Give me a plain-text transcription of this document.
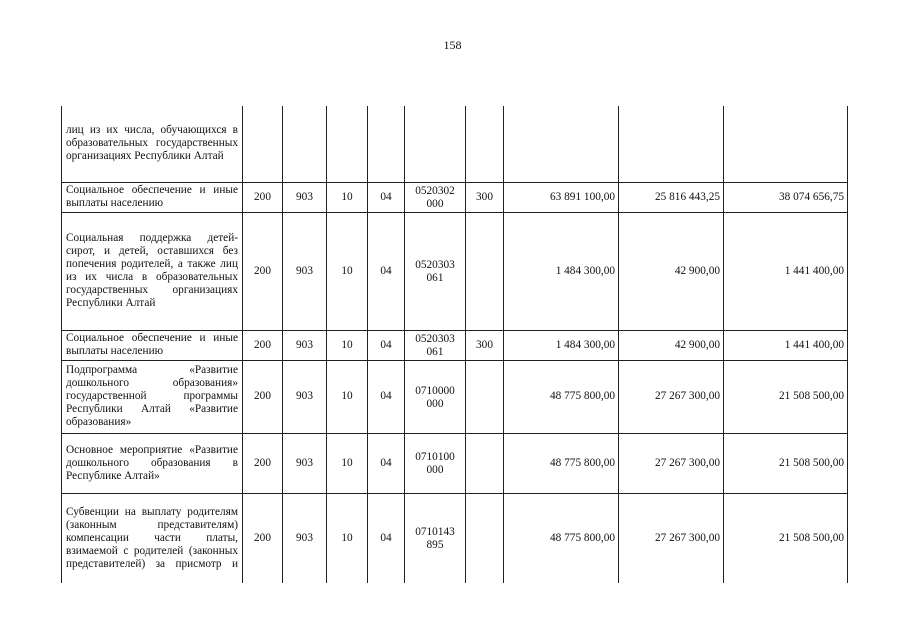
158
лиц из их числа, обучающихся в образовательных государственных организациях Республики Алтай									
Социальное обеспечение и иные выплаты населению	200	903	10	04	0520302 000	300	63 891 100,00	25 816 443,25	38 074 656,75
Социальная поддержка детей-сирот, и детей, оставшихся без попечения родителей, а также лиц из их числа в образовательных государственных организациях Республики Алтай	200	903	10	04	0520303 061		1 484 300,00	42 900,00	1 441 400,00
Социальное обеспечение и иные выплаты населению	200	903	10	04	0520303 061	300	1 484 300,00	42 900,00	1 441 400,00
Подпрограмма «Развитие дошкольного образования» государственной программы Республики Алтай «Развитие образования»	200	903	10	04	0710000 000		48 775 800,00	27 267 300,00	21 508 500,00
Основное мероприятие «Развитие дошкольного образования в Республике Алтай»	200	903	10	04	0710100 000		48 775 800,00	27 267 300,00	21 508 500,00
Субвенции на выплату родителям (законным представителям) компенсации части платы, взимаемой с родителей (законных представителей) за присмотр и	200	903	10	04	0710143 895		48 775 800,00	27 267 300,00	21 508 500,00
